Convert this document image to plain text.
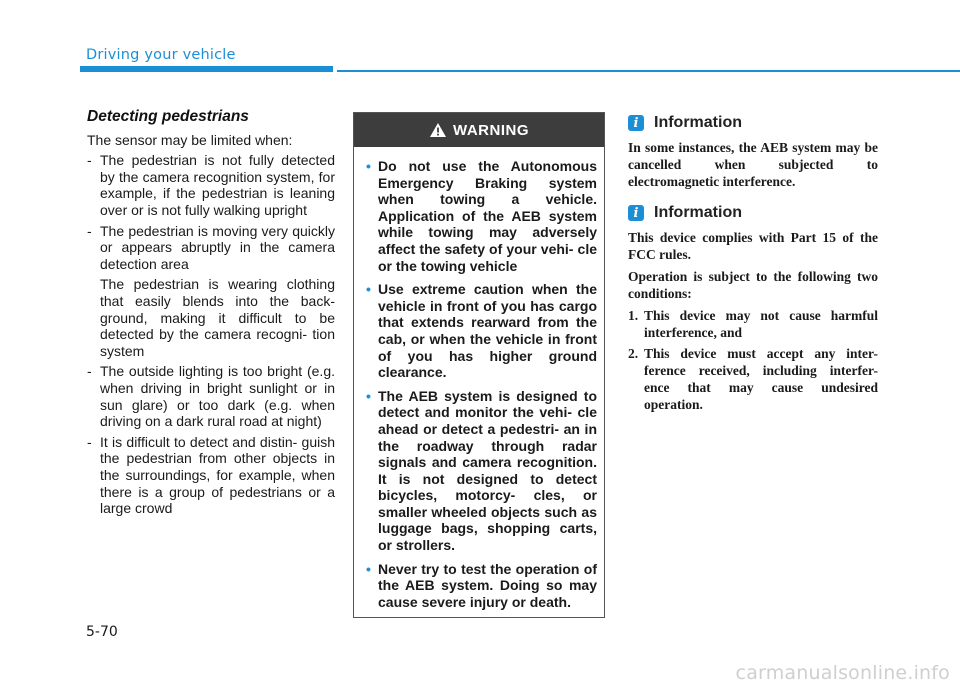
Driving your vehicle
Detecting pedestrians
The sensor may be limited when:
- The pedestrian is not fully detected by the camera recognition system, for example, if the pedestrian is leaning over or is not fully walking upright
- The pedestrian is moving very quickly or appears abruptly in the camera detection area
The pedestrian is wearing clothing that easily blends into the back- ground, making it difficult to be detected by the camera recogni- tion system
- The outside lighting is too bright (e.g. when driving in bright sunlight or in sun glare) or too dark (e.g. when driving on a dark rural road at night)
- It is difficult to detect and distin- guish the pedestrian from other objects in the surroundings, for example, when there is a group of pedestrians or a large crowd
WARNING
• Do not use the Autonomous Emergency Braking system when towing a vehicle. Application of the AEB system while towing may adversely affect the safety of your vehi- cle or the towing vehicle
• Use extreme caution when the vehicle in front of you has cargo that extends rearward from the cab, or when the vehicle in front of you has higher ground clearance.
• The AEB system is designed to detect and monitor the vehi- cle ahead or detect a pedestri- an in the roadway through radar signals and camera recognition. It is not designed to detect bicycles, motorcy- cles, or smaller wheeled objects such as luggage bags, shopping carts, or strollers.
• Never try to test the operation of the AEB system. Doing so may cause severe injury or death.
i Information

In some instances, the AEB system may be cancelled when subjected to electromagnetic interference.

i Information

This device complies with Part 15 of the FCC rules.

Operation is subject to the following two conditions:

1. This device may not cause harmful interference, and
2. This device must accept any inter- ference received, including interfer- ence that may cause undesired operation.
5-70
carmanualsonline.info
